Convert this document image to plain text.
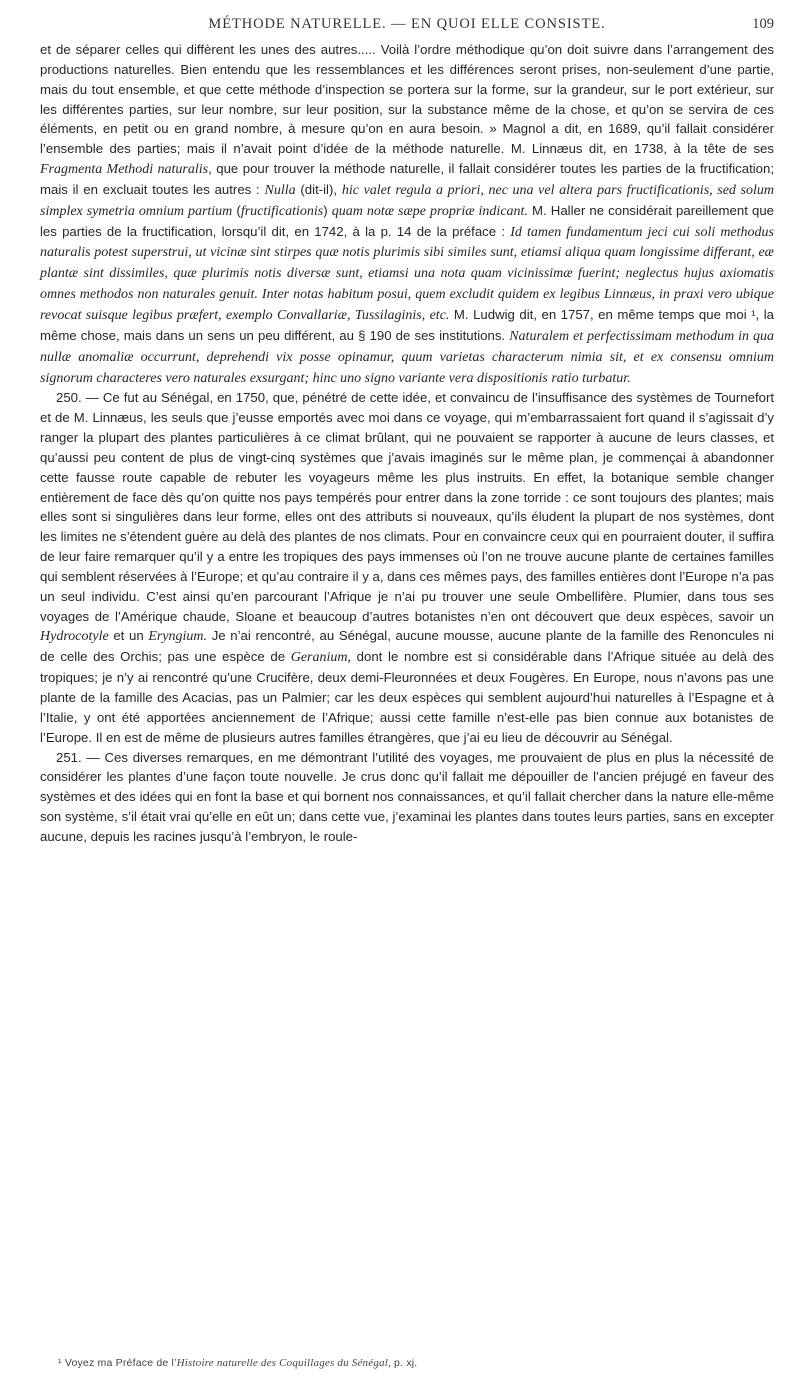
MÉTHODE NATURELLE. — EN QUOI ELLE CONSISTE.	109

et de séparer celles qui diffèrent les unes des autres..... Voilà l’ordre méthodique qu’on doit suivre dans l’arrangement des productions naturelles. Bien entendu que les ressemblances et les différences seront prises, non-seulement d’une partie, mais du tout ensemble, et que cette méthode d’inspection se portera sur la forme, sur la grandeur, sur le port extérieur, sur les différentes parties, sur leur nombre, sur leur position, sur la substance même de la chose, et qu’on se servira de ces éléments, en petit ou en grand nombre, à mesure qu’on en aura besoin. » Magnol a dit, en 1689, qu’il fallait considérer l’ensemble des parties; mais il n’avait point d’idée de la méthode naturelle. M. Linnæus dit, en 1738, à la tête de ses Fragmenta Methodi naturalis, que pour trouver la méthode naturelle, il fallait considérer toutes les parties de la fructification; mais il en excluait toutes les autres : Nulla (dit-il), hic valet regula a priori, nec una vel altera pars fructificationis, sed solum simplex symetria omnium partium (fructificationis) quam notæ sæpe propriæ indicant. M. Haller ne considérait pareillement que les parties de la fructification, lorsqu’il dit, en 1742, à la p. 14 de la préface : Id tamen fundamentum jeci cui soli methodus naturalis potest superstrui, ut vicinæ sint stirpes quæ notis plurimis sibi similes sunt, etiamsi aliqua quam longissime differant, eæ plantæ sint dissimiles, quæ plurimis notis diversæ sunt, etiamsi una nota quam vicinissimæ fuerint; neglectus hujus axiomatis omnes methodos non naturales genuit. Inter notas habitum posui, quem excludit quidem ex legibus Linnæus, in praxi vero ubique revocat suisque legibus præfert, exemplo Convallariæ, Tussilaginis, etc. M. Ludwig dit, en 1757, en même temps que moi ¹, la même chose, mais dans un sens un peu différent, au § 190 de ses institutions. Naturalem et perfectissimam methodum in qua nullæ anomaliæ occurrunt, deprehendi vix posse opinamur, quum varietas characterum nimia sit, et ex consensu omnium signorum characteres vero naturales exsurgant; hinc uno signo variante vera dispositionis ratio turbatur.

250. — Ce fut au Sénégal, en 1750, que, pénétré de cette idée, et convaincu de l’insuffisance des systèmes de Tournefort et de M. Linnæus, les seuls que j’eusse emportés avec moi dans ce voyage, qui m’embarrassaient fort quand il s’agissait d’y ranger la plupart des plantes particulières à ce climat brûlant, qui ne pouvaient se rapporter à aucune de leurs classes, et qu’aussi peu content de plus de vingt-cinq systèmes que j’avais imaginés sur le même plan, je commençai à abandonner cette fausse route capable de rebuter les voyageurs même les plus instruits. En effet, la botanique semble changer entièrement de face dès qu’on quitte nos pays tempérés pour entrer dans la zone torride : ce sont toujours des plantes; mais elles sont si singulières dans leur forme, elles ont des attributs si nouveaux, qu’ils éludent la plupart de nos systèmes, dont les limites ne s’étendent guère au delà des plantes de nos climats. Pour en convaincre ceux qui en pourraient douter, il suffira de leur faire remarquer qu’il y a entre les tropiques des pays immenses où l’on ne trouve aucune plante de certaines familles qui semblent réservées à l’Europe; et qu’au contraire il y a, dans ces mêmes pays, des familles entières dont l’Europe n’a pas un seul individu. C’est ainsi qu’en parcourant l’Afrique je n’ai pu trouver une seule Ombellifère. Plumier, dans tous ses voyages de l’Amérique chaude, Sloane et beaucoup d’autres botanistes n’en ont découvert que deux espèces, savoir un Hydrocotyle et un Eryngium. Je n’ai rencontré, au Sénégal, aucune mousse, aucune plante de la famille des Renoncules ni de celle des Orchis; pas une espèce de Geranium, dont le nombre est si considérable dans l’Afrique située au delà des tropiques; je n’y ai rencontré qu’une Crucifère, deux demi-Fleuronnées et deux Fougères. En Europe, nous n’avons pas une plante de la famille des Acacias, pas un Palmier; car les deux espèces qui semblent aujourd’hui naturelles à l’Espagne et à l’Italie, y ont été apportées anciennement de l’Afrique; aussi cette famille n’est-elle pas bien connue aux botanistes de l’Europe. Il en est de même de plusieurs autres familles étrangères, que j’ai eu lieu de découvrir au Sénégal.

251. — Ces diverses remarques, en me démontrant l’utilité des voyages, me prouvaient de plus en plus la nécessité de considérer les plantes d’une façon toute nouvelle. Je crus donc qu’il fallait me dépouiller de l’ancien préjugé en faveur des systèmes et des idées qui en font la base et qui bornent nos connaissances, et qu’il fallait chercher dans la nature elle-même son système, s’il était vrai qu’elle en eût un; dans cette vue, j’examinai les plantes dans toutes leurs parties, sans en excepter aucune, depuis les racines jusqu’à l’embryon, le roule-

¹ Voyez ma Préface de l’Histoire naturelle des Coquillages du Sénégal, p. xj.
